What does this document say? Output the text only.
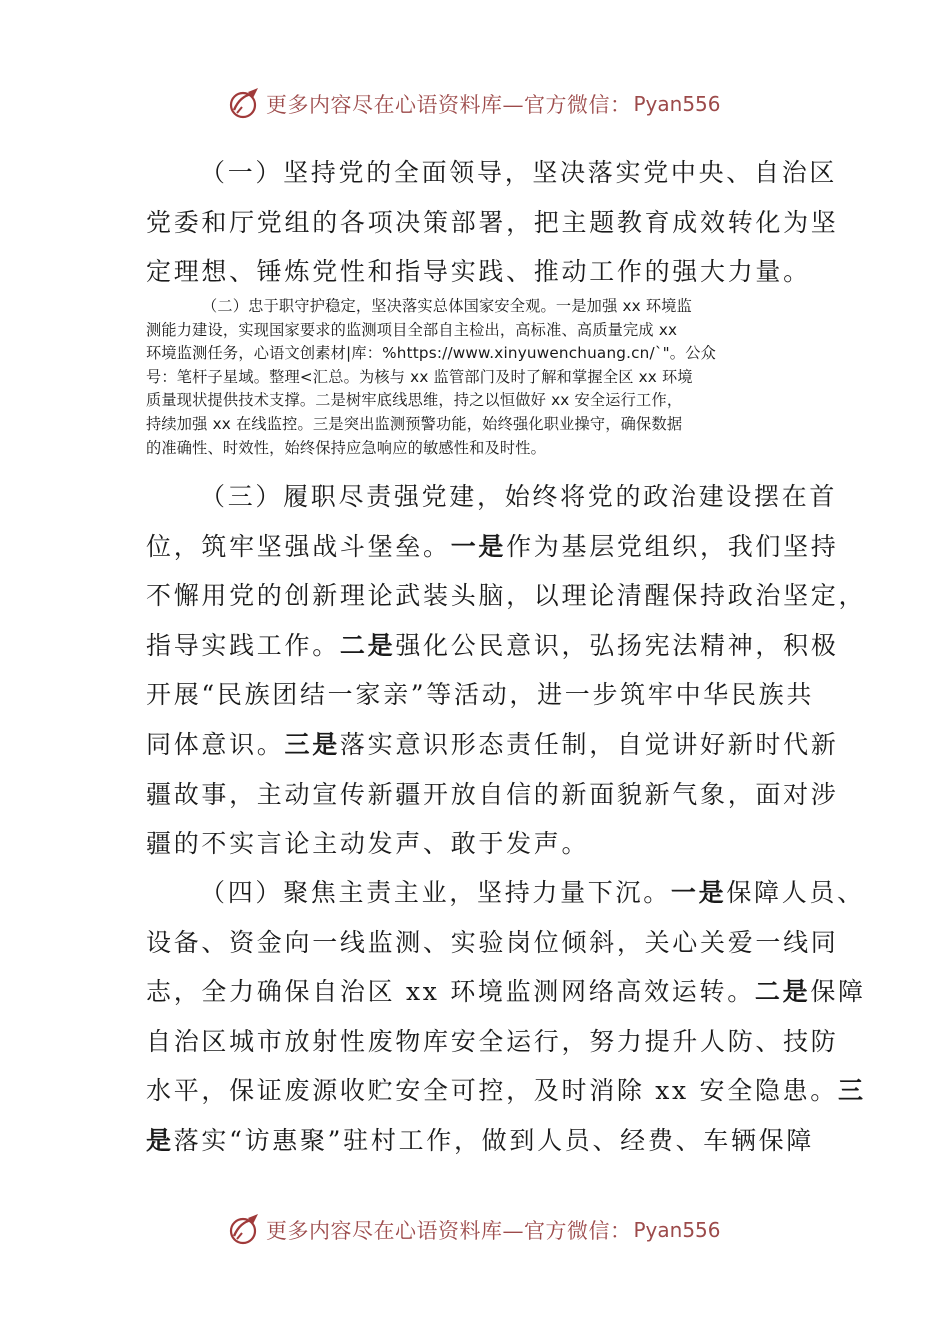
更多内容尽在心语资料库—官方微信： Pyan556
（一）坚持党的全面领导，坚决落实党中央、自治区
党委和厅党组的各项决策部署，把主题教育成效转化为坚
定理想、锤炼党性和指导实践、推动工作的强大力量。
（二）忠于职守护稳定，坚决落实总体国家安全观。一是加强 xx 环境监
测能力建设，实现国家要求的监测项目全部自主检出，高标准、高质量完成 xx
环境监测任务，心语文创素材|库：%https://www.xinyuwenchuang.cn/`"。公众
号：笔杆子星域。整理<汇总。为核与 xx 监管部门及时了解和掌握全区 xx 环境
质量现状提供技术支撑。二是树牢底线思维，持之以恒做好 xx 安全运行工作，
持续加强 xx 在线监控。三是突出监测预警功能，始终强化职业操守，确保数据
的准确性、时效性，始终保持应急响应的敏感性和及时性。
（三）履职尽责强党建，始终将党的政治建设摆在首
位，筑牢坚强战斗堡垒。一是作为基层党组织，我们坚持
不懈用党的创新理论武装头脑，以理论清醒保持政治坚定，
指导实践工作。二是强化公民意识，弘扬宪法精神，积极
开展“民族团结一家亲”等活动，进一步筑牢中华民族共
同体意识。三是落实意识形态责任制，自觉讲好新时代新
疆故事，主动宣传新疆开放自信的新面貌新气象，面对涉
疆的不实言论主动发声、敢于发声。
（四）聚焦主责主业，坚持力量下沉。一是保障人员、
设备、资金向一线监测、实验岗位倾斜，关心关爱一线同
志，全力确保自治区 xx 环境监测网络高效运转。二是保障
自治区城市放射性废物库安全运行，努力提升人防、技防
水平，保证废源收贮安全可控，及时消除 xx 安全隐患。三
是落实“访惠聚”驻村工作，做到人员、经费、车辆保障
更多内容尽在心语资料库—官方微信： Pyan556
